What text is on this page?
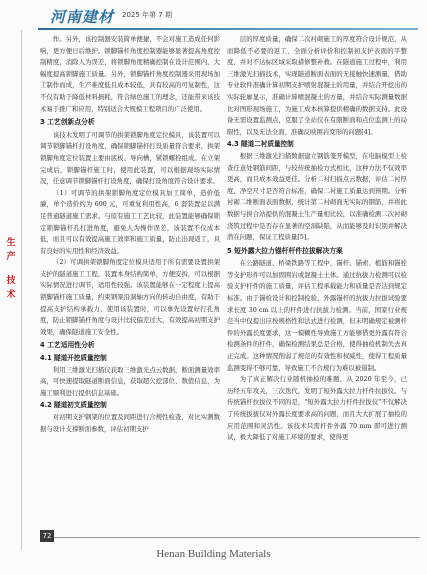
河南建材 2025 年第 7 期
生
产
技
术

作。另外，该控制器安装简单便捷，不会对施工造成任何影响，更方便日后维护。锁脚锚杆角度控制器能够显著提高角度控制精度，消除人为误差，将锁脚角度精确控制在设计范围内，大幅度提高锁脚施工质量。另外，锁脚锚杆角度控制器采用现场加工制作而成，生产难度低且成本较低，具有较高的可复制性，这不仅有助于降低材料损耗，符合绿色施工的理念，还能带来该技术易于推广和应用，特别适合大规模工程项目的广泛使用。

3 工艺创新点分析

该技术发明了可调节的拱架锁脚角度定位模具，该装置可以调节锁脚锚杆打设角度，确保锁脚锚杆打设质量符合要求，拱架锁脚角度定位装置主要由底板、导向槽、紧锁螺栓组成。在立架完成后，锁脚锚杆施工时，使用此装置，可以根据现场实际情况，任意调节锁脚锚杆打设角度，确保打设角度符合设计要求。

（1）可调节的拱架锁脚角度定位模具加工简单，造价低廉，单个造价约为 600 元，可重复利用性高，6 套装置足以满足普通隧道施工需求。与原有施工工艺比较，此装置能够确保锁定锁脚锚杆孔打进角度，避免人为操作误差，该装置不仅成本低，而且可以有效提高施工效率和施工质量，防止出现返工，具有良好的实用性和经济效益。

（2）可调拱架锁脚角度定位模具适用于所有需要设置拱架支护的隧道施工工程，装置本身结构简单，方便安拆，可以根据实际情况进行调节，适用性较强。该装置能够在一定程度上提高锁脚锚杆施工质量，约束钢架沿洞轴方向的转动自由度，有助于提高支护结构承载力，使用该装置时，可以事先设置好打孔角度，防止锁脚锚杆角度与设计比较偏差过大，有效提高初期支护效果，确保隧道施工安全性。

4 工艺适用性分析
4.1 隧道开挖质量控制

利用三维激光扫描仪获取三维激光点云数据，断面测量效率高，可快速提取隧道断面信息，获取超欠挖部位、数值信息，为施工顺利进行提供信息基础。

4.2 隧道初支质量控制

对初期支护钢架的位置及间距进行合规性检查，对比实测数据与设计支撑断面参数，评估初期支护

层的厚度质量，确保二次衬砌施工的厚度符合设计规范，从而降低不必要的返工，全面分析评价和控制初支护表面的平整度，并对不达标区域采取措修整补救。在隧道施工过程中，利用三维激光扫描技术，实现隧道断面表面的无接触快速测量，借助专业软件准确计算初期支护喷射混凝土的用量，并结合开挖出的实际轮廓显示，准确计算喷混凝土的方量，并结合实际测量数据比对图形现场施工，为施工成本核算提供精确的数据支持。此设备无需设置监测点，克服了全站仪在有限断面和点位监测上的局限性，以及无法全面、准确反映围岩变形的问题[4]。

4.3 隧道二衬质量控制

根据三维激光扫描数据建立钢筋笼开模型，在电脑模型上检查任意处钢筋间距，与较传统抽检方式相比，这种方法不仅效率更高，而且成本效益更佳。分析二衬扫描点云数据，评估二衬厚度、净空尺寸是否符合标准，确保二衬施工质量达到预期。分析衬砌二维断面表面数据，统计第二衬砌面无实际的钢筋，并将此数据与拼合站提供的混凝土生产量相比较，以准确检测二次衬砌浇筑过程中是否存在显著的空洞缺陷，从而能够及时识别并解决潜在问题，保证工程质量[5]。

5 短外露大拉力锚杆杆件拉拔解决方案

在公路隧道、桥梁铁路等工程中，锚杆、锚索、植筋和锚栓等支护形件可以加固围岩或混凝土土体。通过抗拔力检测可以检验支护杆件的施工质量，评估工程承载能力和质量是否达到规定标准。由于锚检设计和控制检验，外露锚杆的抗拔力拉拔试验要求长度 30 cm 以上的杆件进行抗拔力检测。当前，国家行业规范当中仅提出应按规格性和法式进行检测，但未明确规定被测杆件的外露长度要求，这一模糊性导致施工方能够借更外露有符合检测条件的杆件，确保检测结果总是合格，使得抽检机制失去真正完成。这种情况削弱了规范的有效性和权威性，使得工程质量监测变得不够可靠，导致施工不合规行为难以被遏制。

为了真正解决行业随机抽检的难题，从 2020 年至今，已历经五年攻关，三次迭代，发明了短外露大拉力杆件拉拔仪。与传统锚杆拉拔仪不同的是，"短外露大拉力杆件拉拔仪"不仅解决了传统拔拔仪对外露长度要求高的问题，而且大大扩展了抽检的应用范围和灵活性。该技术只需杆件外露 70 mm 即可进行测试，极大降低了对施工环境的要求，使得更

72
Henan Building Materials
